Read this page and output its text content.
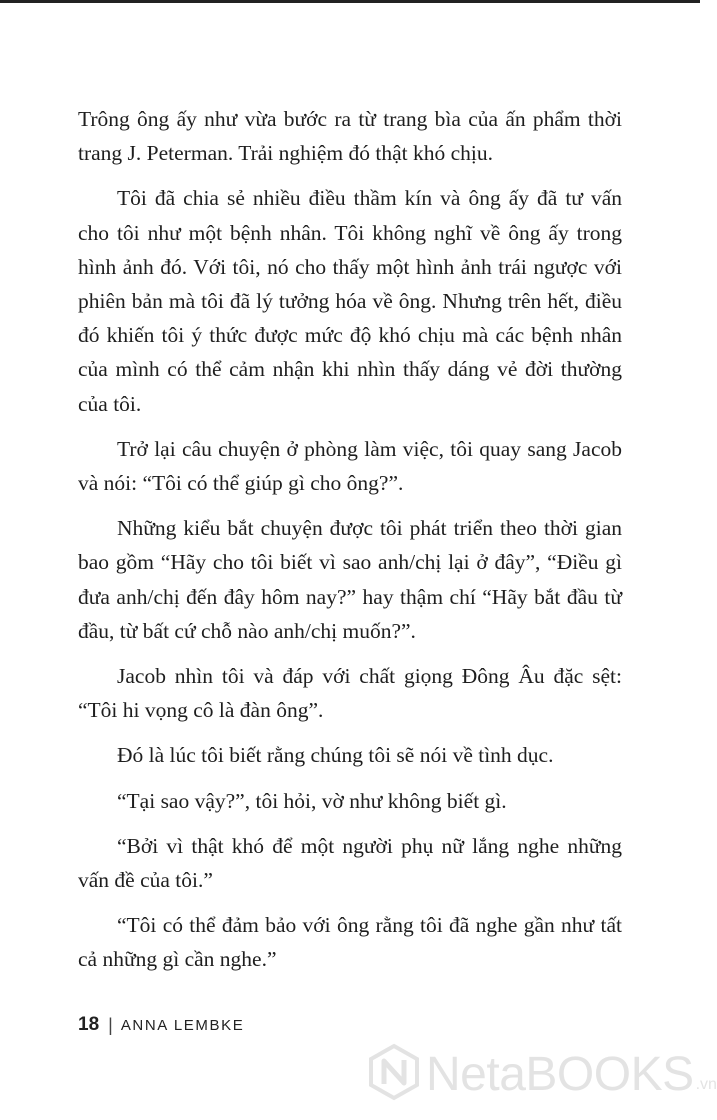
Trông ông ấy như vừa bước ra từ trang bìa của ấn phẩm thời trang J. Peterman. Trải nghiệm đó thật khó chịu.

Tôi đã chia sẻ nhiều điều thầm kín và ông ấy đã tư vấn cho tôi như một bệnh nhân. Tôi không nghĩ về ông ấy trong hình ảnh đó. Với tôi, nó cho thấy một hình ảnh trái ngược với phiên bản mà tôi đã lý tưởng hóa về ông. Nhưng trên hết, điều đó khiến tôi ý thức được mức độ khó chịu mà các bệnh nhân của mình có thể cảm nhận khi nhìn thấy dáng vẻ đời thường của tôi.

Trở lại câu chuyện ở phòng làm việc, tôi quay sang Jacob và nói: “Tôi có thể giúp gì cho ông?”.

Những kiểu bắt chuyện được tôi phát triển theo thời gian bao gồm “Hãy cho tôi biết vì sao anh/chị lại ở đây”, “Điều gì đưa anh/chị đến đây hôm nay?” hay thậm chí “Hãy bắt đầu từ đầu, từ bất cứ chỗ nào anh/chị muốn?”.

Jacob nhìn tôi và đáp với chất giọng Đông Âu đặc sệt: “Tôi hi vọng cô là đàn ông”.

Đó là lúc tôi biết rằng chúng tôi sẽ nói về tình dục.

“Tại sao vậy?”, tôi hỏi, vờ như không biết gì.

“Bởi vì thật khó để một người phụ nữ lắng nghe những vấn đề của tôi.”

“Tôi có thể đảm bảo với ông rằng tôi đã nghe gần như tất cả những gì cần nghe.”

18 | ANNA LEMBKE
NetaBOOKS .vn
